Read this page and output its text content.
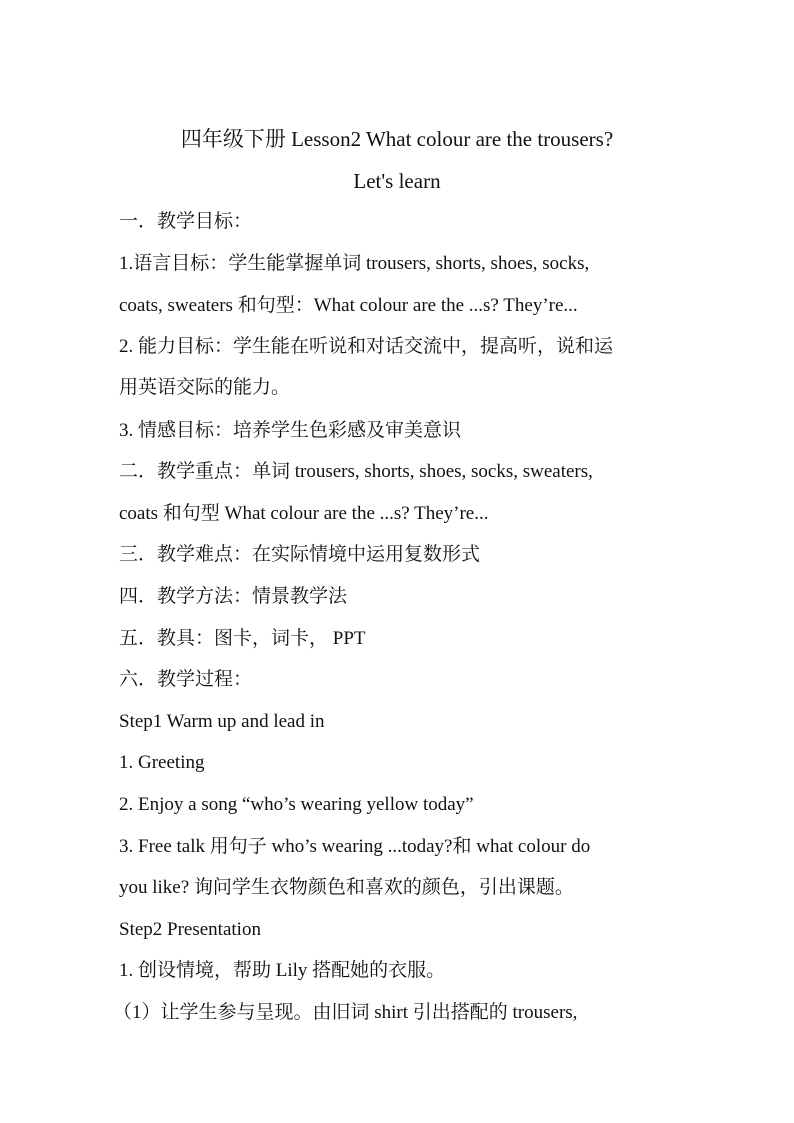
四年级下册 Lesson2 What colour are the trousers?
Let's learn
一．教学目标：
1.语言目标：学生能掌握单词 trousers, shorts, shoes, socks,
coats, sweaters 和句型：What colour are the ...s? They’re...
2. 能力目标：学生能在听说和对话交流中，提高听，说和运
用英语交际的能力。
3. 情感目标：培养学生色彩感及审美意识
二．教学重点：单词 trousers, shorts, shoes, socks, sweaters,
coats 和句型 What colour are the ...s? They’re...
三．教学难点：在实际情境中运用复数形式
四．教学方法：情景教学法
五．教具：图卡，词卡， PPT
六．教学过程：
Step1 Warm up and lead in
1. Greeting
2. Enjoy a song “who’s wearing yellow today”
3. Free talk 用句子 who’s wearing ...today?和 what colour do
you like? 询问学生衣物颜色和喜欢的颜色，引出课题。
Step2 Presentation
1. 创设情境，帮助 Lily 搭配她的衣服。
（1）让学生参与呈现。由旧词 shirt 引出搭配的 trousers,
